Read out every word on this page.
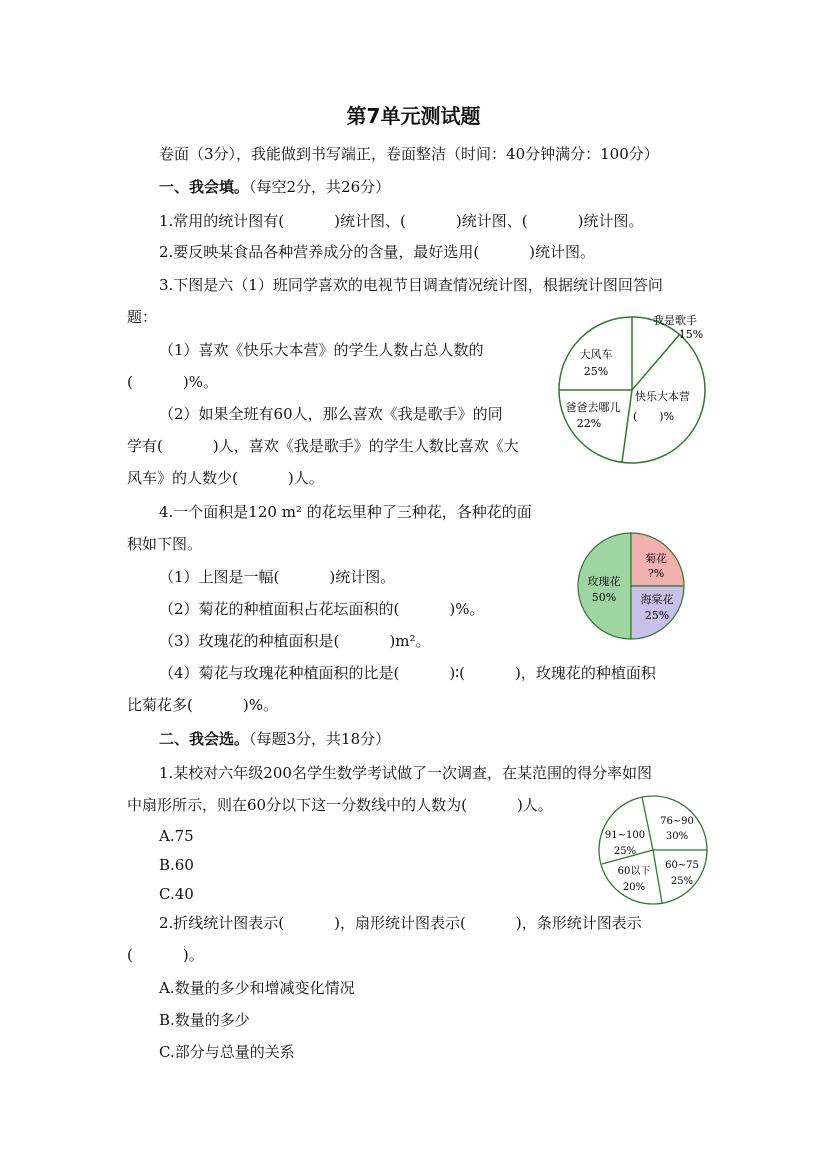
第7单元测试题
卷面（3分），我能做到书写端正，卷面整洁（时间：40分钟满分：100分）
一、我会填。（每空2分，共26分）
1.常用的统计图有(	)统计图、(	)统计图、(	)统计图。
2.要反映某食品各种营养成分的含量，最好选用(	)统计图。
3.下图是六（1）班同学喜欢的电视节目调查情况统计图，根据统计图回答问
题：
（1）喜欢《快乐大本营》的学生人数占总人数的
(	)%。
（2）如果全班有60人，那么喜欢《我是歌手》的同
学有(	)人，喜欢《我是歌手》的学生人数比喜欢《大
风车》的人数少(	)人。
4.一个面积是120 m² 的花坛里种了三种花，各种花的面
积如下图。
（1）上图是一幅(	)统计图。
（2）菊花的种植面积占花坛面积的(	)%。
（3）玫瑰花的种植面积是(	)m²。
（4）菊花与玫瑰花种植面积的比是(	)∶(	)，玫瑰花的种植面积
比菊花多(	)%。
二、我会选。（每题3分，共18分）
1.某校对六年级200名学生数学考试做了一次调查，在某范围的得分率如图
中扇形所示，则在60分以下这一分数线中的人数为(	)人。
A.75
B.60
C.40
2.折线统计图表示(	)，扇形统计图表示(	)，条形统计图表示
(	)。
A.数量的多少和增减变化情况
B.数量的多少
C.部分与总量的关系
我是歌手
15%
快乐大本营
(　　)%
爸爸去哪儿
22%
大风车
25%
菊花
?%
海棠花
25%
玫瑰花
50%
76~90
30%
60~75
25%
60以下
20%
91~100
25%
